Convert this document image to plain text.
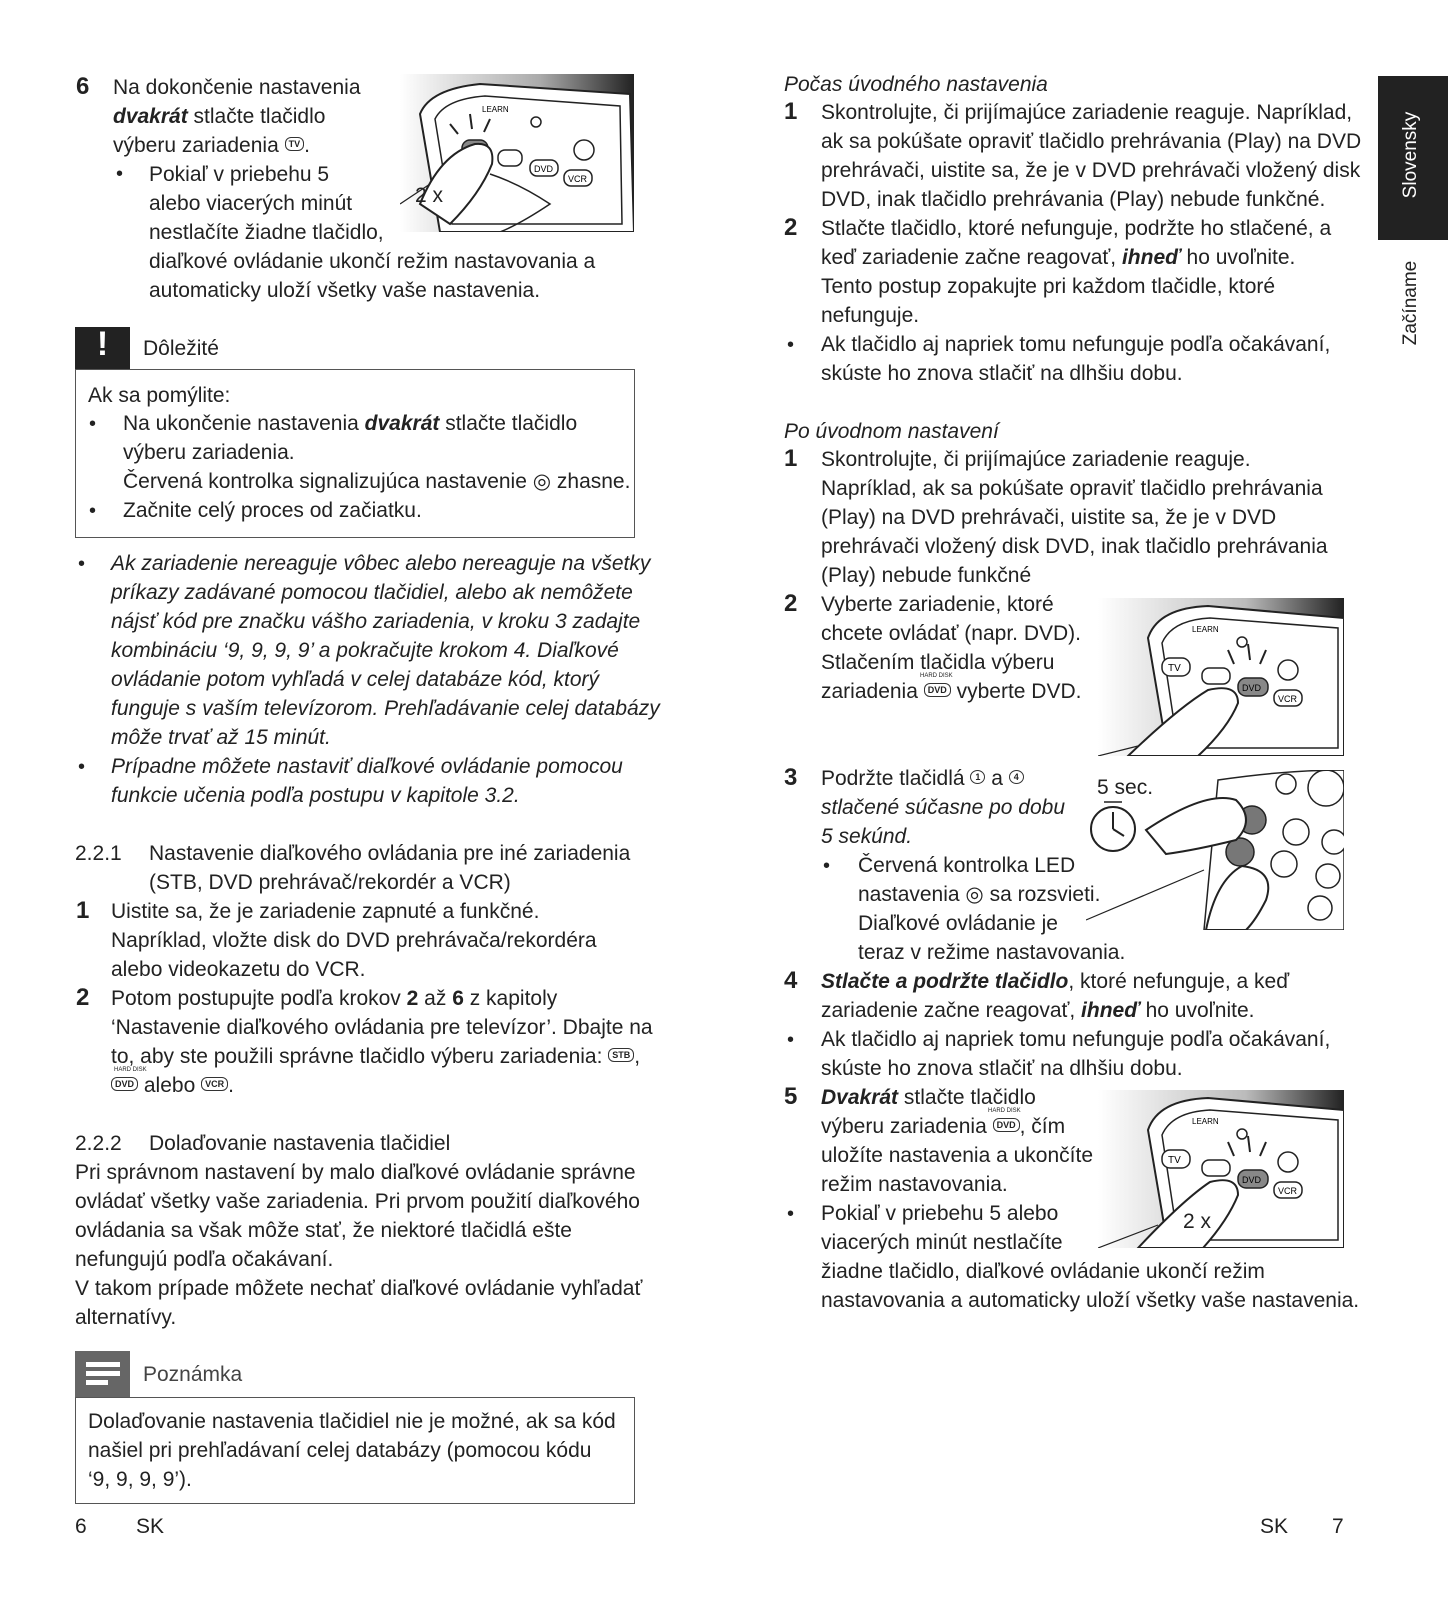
Slovensky
Začíname
6 Na dokončenie nastavenia
dvakrát stlačte tlačidlo
výberu zariadenia TV .
• Pokiaľ v priebehu 5
alebo viacerých minút
nestlačíte žiadne tlačidlo,
diaľkové ovládanie ukončí režim nastavovania a
automaticky uloží všetky vaše nastavenia.
LEARN
DVD
VCR
2 x
!	Dôležité
Ak sa pomýlite:
• Na ukončenie nastavenia dvakrát stlačte tlačidlo
výberu zariadenia.
Červená kontrolka signalizujúca nastavenie ◎ zhasne.
• Začnite celý proces od začiatku.
• Ak zariadenie nereaguje vôbec alebo nereaguje na všetky
príkazy zadávané pomocou tlačidiel, alebo ak nemôžete
nájsť kód pre značku vášho zariadenia, v kroku 3 zadajte
kombináciu ‘9, 9, 9, 9’ a pokračujte krokom 4. Diaľkové
ovládanie potom vyhľadá v celej databáze kód, ktorý
funguje s vaším televízorom. Prehľadávanie celej databázy
môže trvať až 15 minút.
• Prípadne môžete nastaviť diaľkové ovládanie pomocou
funkcie učenia podľa postupu v kapitole 3.2.
2.2.1 Nastavenie diaľkového ovládania pre iné zariadenia
(STB, DVD prehrávač/rekordér a VCR)
1 Uistite sa, že je zariadenie zapnuté a funkčné.
Napríklad, vložte disk do DVD prehrávača/rekordéra
alebo videokazetu do VCR.
2 Potom postupujte podľa krokov 2 až 6 z kapitoly
‘Nastavenie diaľkového ovládania pre televízor’. Dbajte na
to, aby ste použili správne tlačidlo výberu zariadenia: STB ,
HARD DISK
DVD alebo VCR .
2.2.2 Dolaďovanie nastavenia tlačidiel
Pri správnom nastavení by malo diaľkové ovládanie správne
ovládať všetky vaše zariadenia. Pri prvom použití diaľkového
ovládania sa však môže stať, že niektoré tlačidlá ešte
nefungujú podľa očakávaní.
V takom prípade môžete nechať diaľkové ovládanie vyhľadať
alternatívy.
Poznámka
Dolaďovanie nastavenia tlačidiel nie je možné, ak sa kód
našiel pri prehľadávaní celej databázy (pomocou kódu
‘9, 9, 9, 9’).
Počas úvodného nastavenia
1 Skontrolujte, či prijímajúce zariadenie reaguje. Napríklad,
ak sa pokúšate opraviť tlačidlo prehrávania (Play) na DVD
prehrávači, uistite sa, že je v DVD prehrávači vložený disk
DVD, inak tlačidlo prehrávania (Play) nebude funkčné.
2 Stlačte tlačidlo, ktoré nefunguje, podržte ho stlačené, a
keď zariadenie začne reagovať, ihneď ho uvoľnite.
Tento postup zopakujte pri každom tlačidle, ktoré
nefunguje.
• Ak tlačidlo aj napriek tomu nefunguje podľa očakávaní,
skúste ho znova stlačiť na dlhšiu dobu.
Po úvodnom nastavení
1 Skontrolujte, či prijímajúce zariadenie reaguje.
Napríklad, ak sa pokúšate opraviť tlačidlo prehrávania
(Play) na DVD prehrávači, uistite sa, že je v DVD
prehrávači vložený disk DVD, inak tlačidlo prehrávania
(Play) nebude funkčné
2 Vyberte zariadenie, ktoré
chcete ovládať (napr. DVD).
Stlačením tlačidla výberu
HARD DISK
zariadenia DVD vyberte DVD.
LEARN
TV
DVD
VCR
3 Podržte tlačidlá 1 a 4
stlačené súčasne po dobu
5 sekúnd.
• Červená kontrolka LED
nastavenia ◎ sa rozsvieti.
Diaľkové ovládanie je
teraz v režime nastavovania.
5 sec.
4 Stlačte a podržte tlačidlo, ktoré nefunguje, a keď
zariadenie začne reagovať, ihneď ho uvoľnite.
• Ak tlačidlo aj napriek tomu nefunguje podľa očakávaní,
skúste ho znova stlačiť na dlhšiu dobu.
5 Dvakrát stlačte tlačidlo
HARD DISK
výberu zariadenia DVD , čím
uložíte nastavenia a ukončíte
režim nastavovania.
• Pokiaľ v priebehu 5 alebo
viacerých minút nestlačíte
žiadne tlačidlo, diaľkové ovládanie ukončí režim
nastavovania a automaticky uloží všetky vaše nastavenia.
LEARN
TV
DVD
VCR
2 x
6 SK	SK 7
